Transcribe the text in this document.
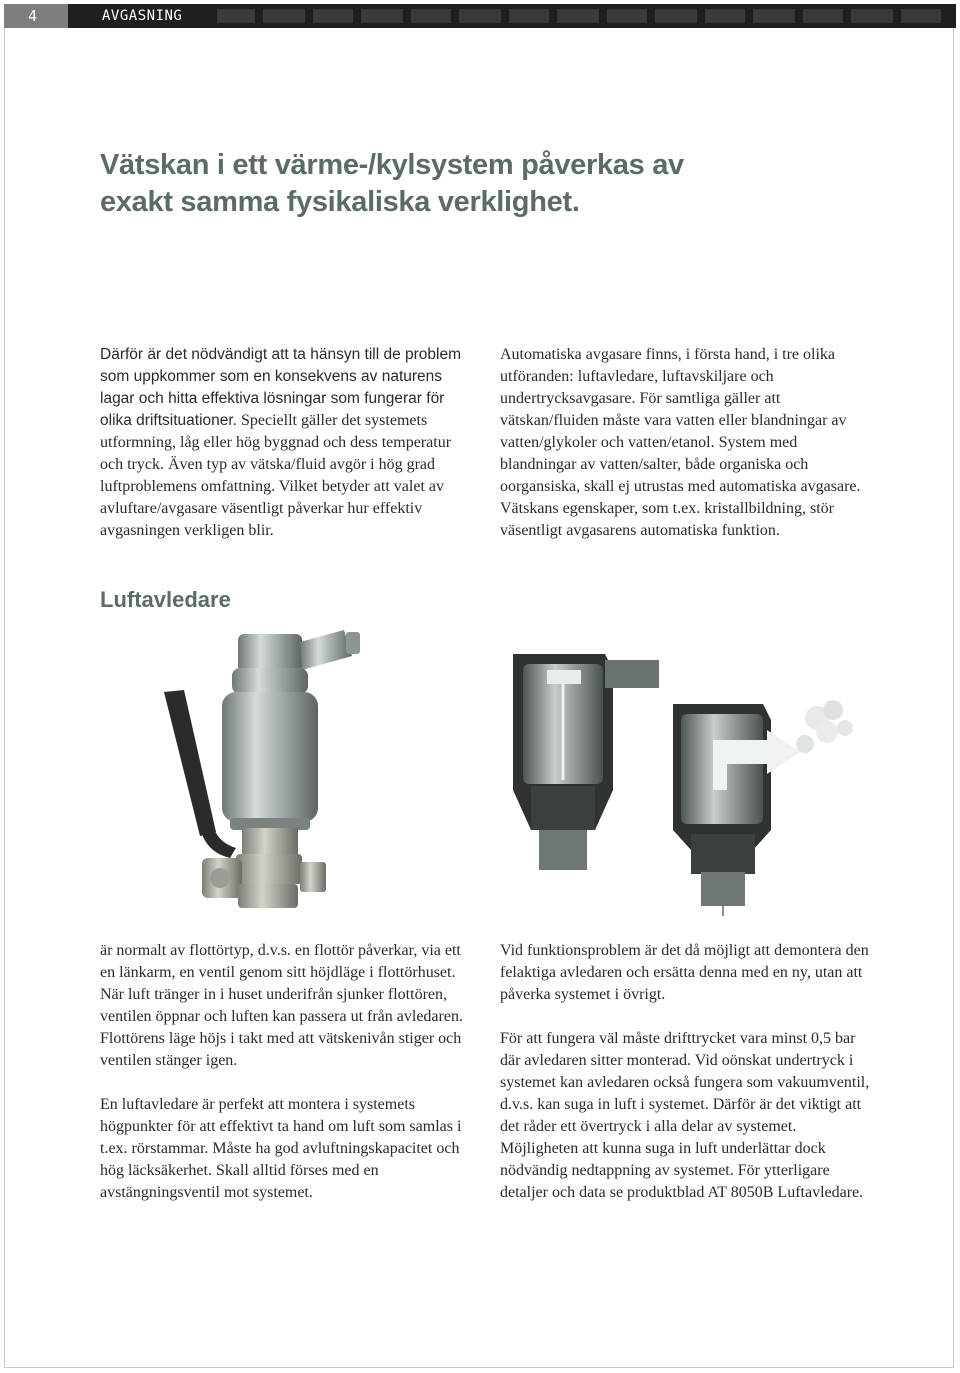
4	AVGASNING
Vätskan i ett värme-/kylsystem påverkas av
exakt samma fysikaliska verklighet.
Därför är det nödvändigt att ta hänsyn till de problem som uppkommer som en konsekvens av naturens lagar och hitta effektiva lösningar som fungerar för olika driftsituationer. Speciellt gäller det systemets utformning, låg eller hög byggnad och dess temperatur och tryck. Även typ av vätska/fluid avgör i hög grad luftproblemens omfattning. Vilket betyder att valet av avluftare/avgasare väsentligt påverkar hur effektiv avgasningen verkligen blir.

Automatiska avgasare finns, i första hand, i tre olika utföranden: luftavledare, luftavskiljare och undertrycksavgasare. För samtliga gäller att vätskan/fluiden måste vara vatten eller blandningar av vatten/glykoler och vatten/etanol. System med blandningar av vatten/salter, både organiska och oorgansiska, skall ej utrustas med automatiska avgasare. Vätskans egenskaper, som t.ex. kristallbildning, stör väsentligt avgasarens automatiska funktion.

Luftavledare

är normalt av flottörtyp, d.v.s. en flottör påverkar, via ett en länkarm, en ventil genom sitt höjdläge i flottörhuset. När luft tränger in i huset underifrån sjunker flottören, ventilen öppnar och luften kan passera ut från avledaren. Flottörens läge höjs i takt med att vätskenivån stiger och ventilen stänger igen.

En luftavledare är perfekt att montera i systemets högpunkter för att effektivt ta hand om luft som samlas i t.ex. rörstammar. Måste ha god avluftningskapacitet och hög läcksäkerhet. Skall alltid förses med en avstängningsventil mot systemet.

Vid funktionsproblem är det då möjligt att demontera den felaktiga avledaren och ersätta denna med en ny, utan att påverka systemet i övrigt.

För att fungera väl måste drifttrycket vara minst 0,5 bar där avledaren sitter monterad. Vid oönskat undertryck i systemet kan avledaren också fungera som vakuumventil, d.v.s. kan suga in luft i systemet. Därför är det viktigt att det råder ett övertryck i alla delar av systemet. Möjligheten att kunna suga in luft underlättar dock nödvändig nedtappning av systemet. För ytterligare detaljer och data se produktblad AT 8050B Luftavledare.
